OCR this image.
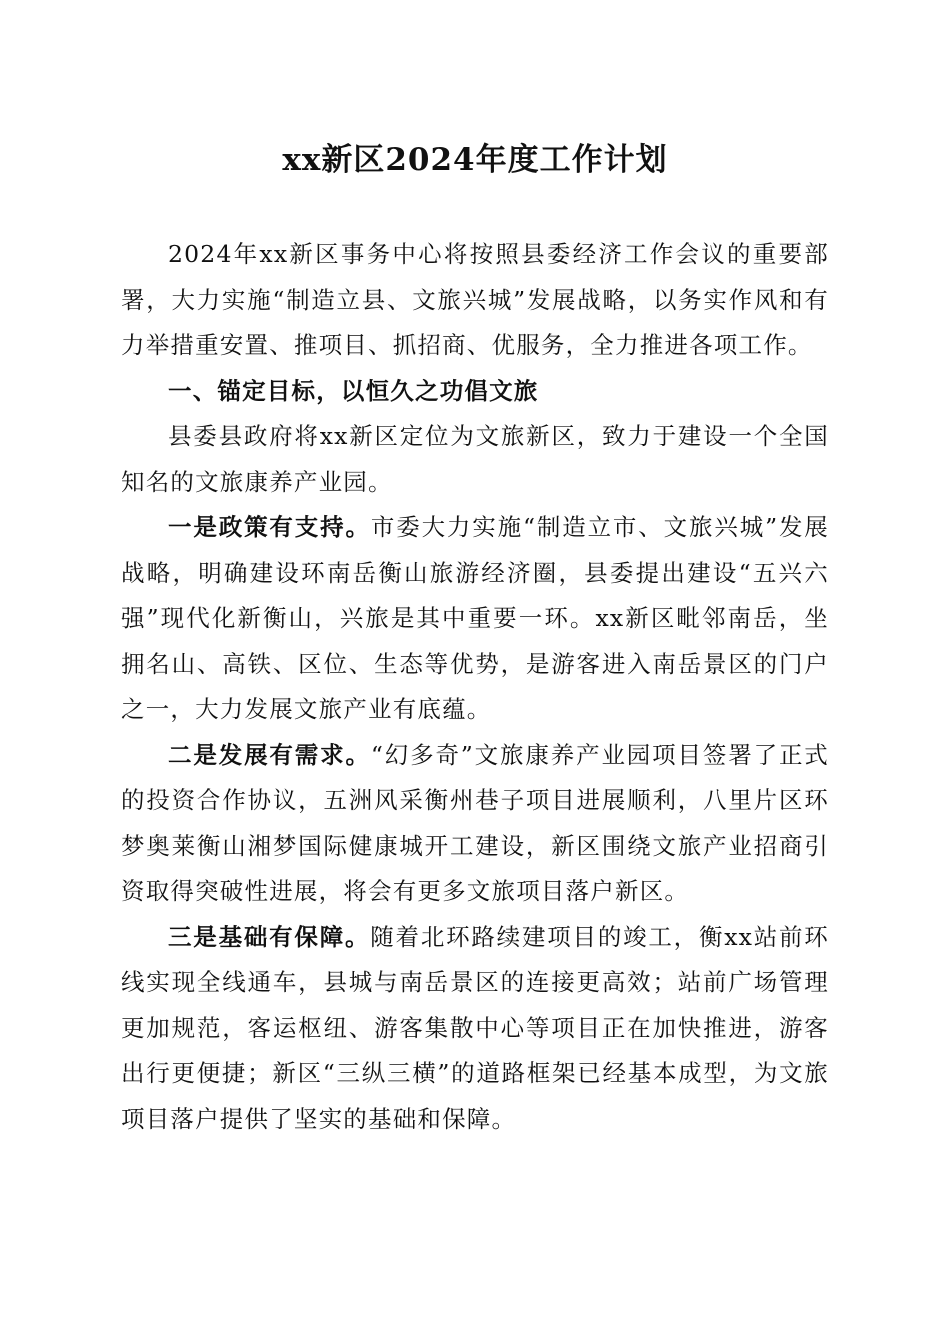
xx新区2024年度工作计划

2024年xx新区事务中心将按照县委经济工作会议的重要部署，大力实施“制造立县、文旅兴城”发展战略，以务实作风和有力举措重安置、推项目、抓招商、优服务，全力推进各项工作。

一、锚定目标，以恒久之功倡文旅

县委县政府将xx新区定位为文旅新区，致力于建设一个全国知名的文旅康养产业园。

一是政策有支持。市委大力实施“制造立市、文旅兴城”发展战略，明确建设环南岳衡山旅游经济圈，县委提出建设“五兴六强”现代化新衡山，兴旅是其中重要一环。xx新区毗邻南岳，坐拥名山、高铁、区位、生态等优势，是游客进入南岳景区的门户之一，大力发展文旅产业有底蕴。

二是发展有需求。“幻多奇”文旅康养产业园项目签署了正式的投资合作协议，五洲风采衡州巷子项目进展顺利，八里片区环梦奥莱衡山湘梦国际健康城开工建设，新区围绕文旅产业招商引资取得突破性进展，将会有更多文旅项目落户新区。

三是基础有保障。随着北环路续建项目的竣工，衡xx站前环线实现全线通车，县城与南岳景区的连接更高效；站前广场管理更加规范，客运枢纽、游客集散中心等项目正在加快推进，游客出行更便捷；新区“三纵三横”的道路框架已经基本成型，为文旅项目落户提供了坚实的基础和保障。
